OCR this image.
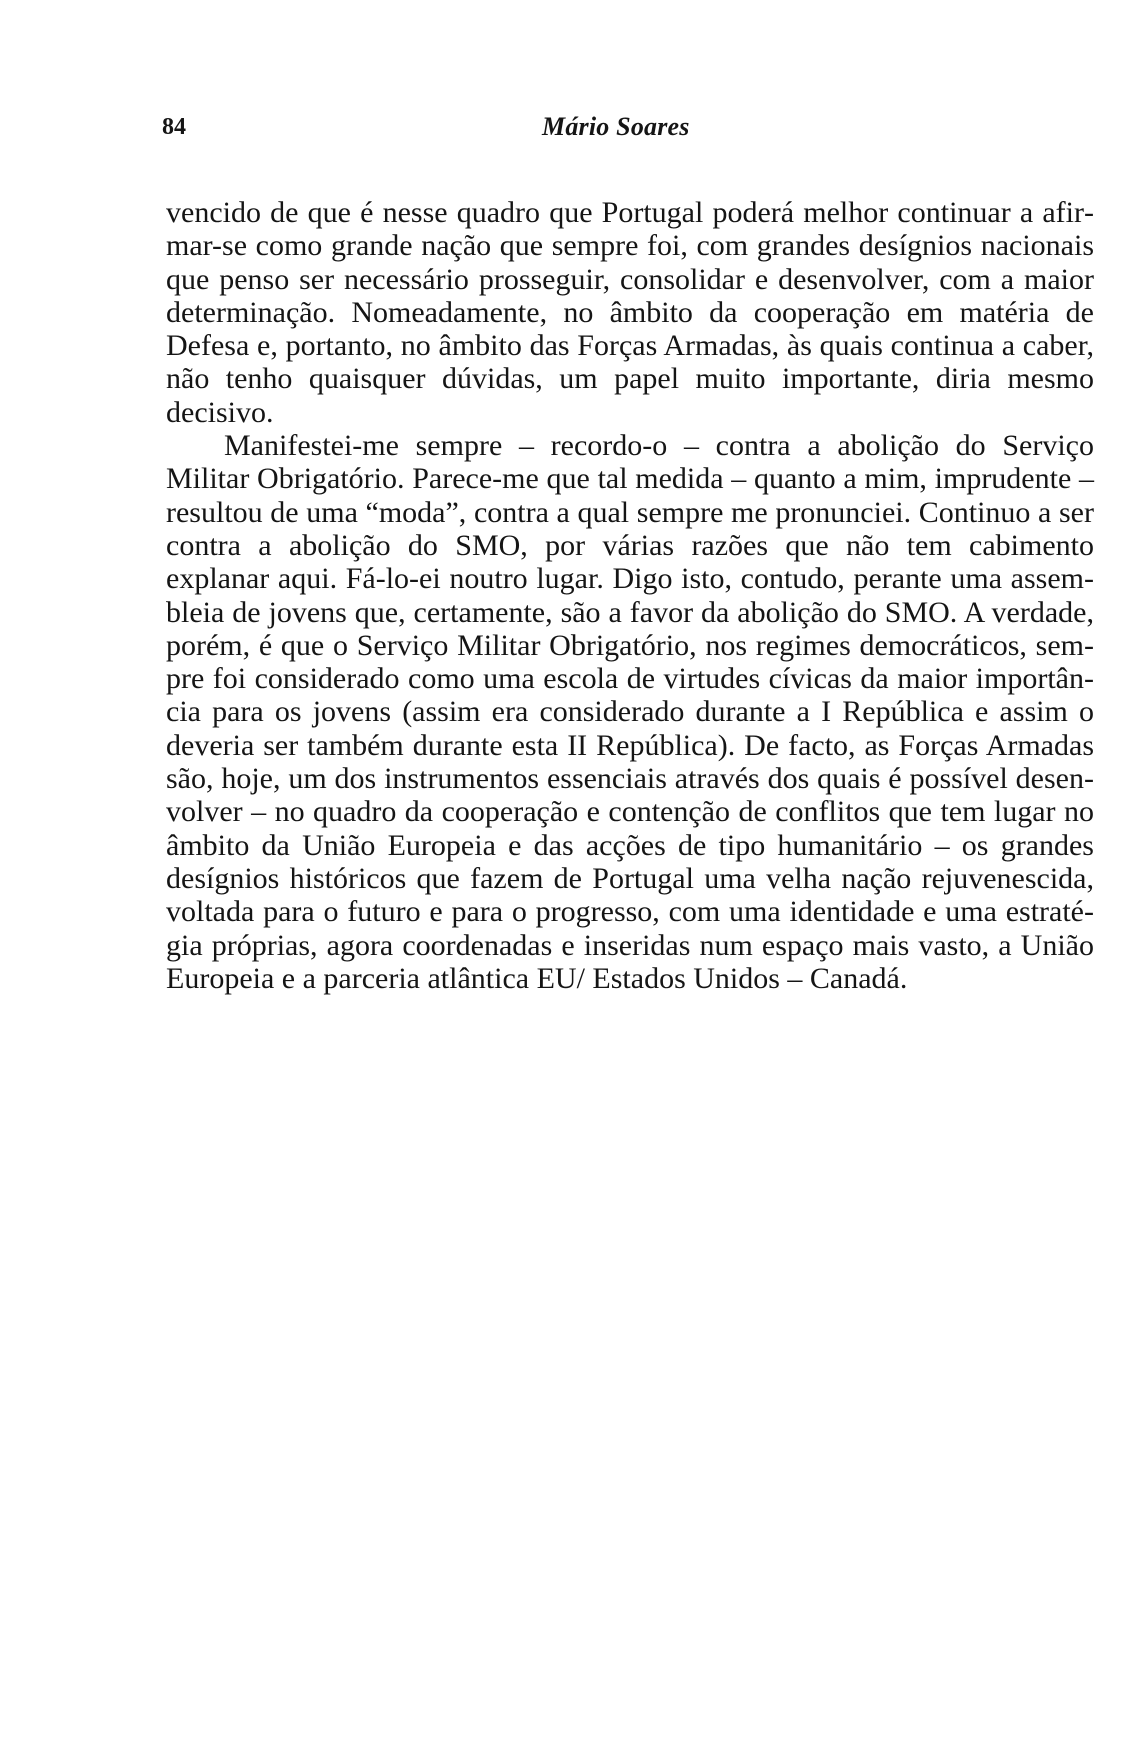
84	Mário Soares

vencido de que é nesse quadro que Portugal poderá melhor continuar a afirmar-se como grande nação que sempre foi, com grandes desígnios nacionais que penso ser necessário prosseguir, consolidar e desenvolver, com a maior determinação. Nomeadamente, no âmbito da cooperação em matéria de Defesa e, portanto, no âmbito das Forças Armadas, às quais continua a caber, não tenho quaisquer dúvidas, um papel muito importante, diria mesmo decisivo.

Manifestei-me sempre – recordo-o – contra a abolição do Serviço Militar Obrigatório. Parece-me que tal medida – quanto a mim, imprudente – resultou de uma “moda”, contra a qual sempre me pronunciei. Continuo a ser contra a abolição do SMO, por várias razões que não tem cabimento explanar aqui. Fá-lo-ei noutro lugar. Digo isto, contudo, perante uma assembleia de jovens que, certamente, são a favor da abolição do SMO. A verdade, porém, é que o Serviço Militar Obrigatório, nos regimes democráticos, sempre foi considerado como uma escola de virtudes cívicas da maior importância para os jovens (assim era considerado durante a I República e assim o deveria ser também durante esta II República). De facto, as Forças Armadas são, hoje, um dos instrumentos essenciais através dos quais é possível desenvolver – no quadro da cooperação e contenção de conflitos que tem lugar no âmbito da União Europeia e das acções de tipo humanitário – os grandes desígnios históricos que fazem de Portugal uma velha nação rejuvenescida, voltada para o futuro e para o progresso, com uma identidade e uma estratégia próprias, agora coordenadas e inseridas num espaço mais vasto, a União Europeia e a parceria atlântica EU/ Estados Unidos – Canadá.
